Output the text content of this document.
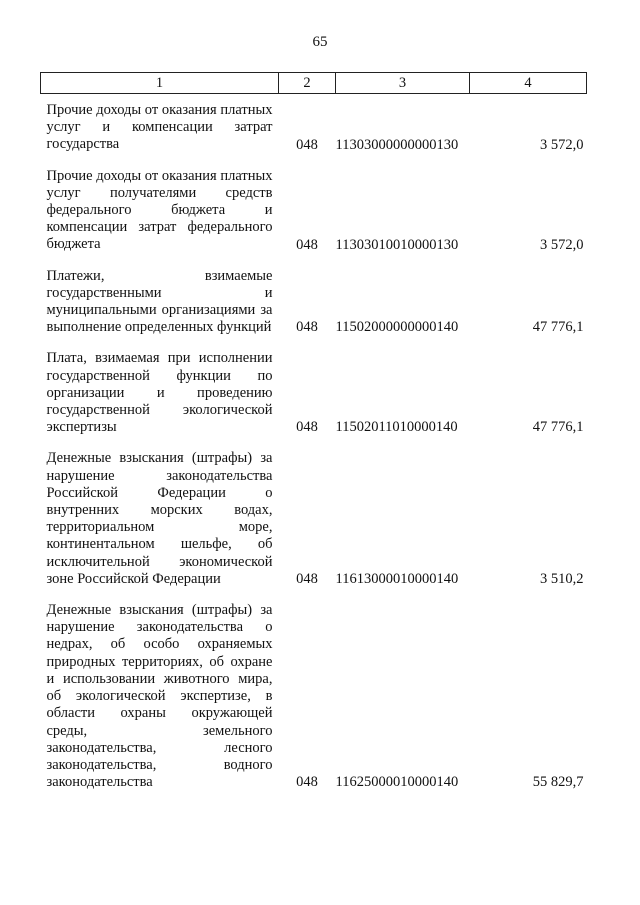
65
1	2	3	4

Прочие доходы от оказания платных услуг и компенсации затрат государства	048	11303000000000130	3 572,0

Прочие доходы от оказания платных услуг получателями средств федерального бюджета и компенсации затрат федерального бюджета	048	11303010010000130	3 572,0

Платежи, взимаемые государственными и муниципальными организациями за выполнение определенных функций	048	11502000000000140	47 776,1

Плата, взимаемая при исполнении государственной функции по организации и проведению государственной экологической экспертизы	048	11502011010000140	47 776,1

Денежные взыскания (штрафы) за нарушение законодательства Российской Федерации о внутренних морских водах, территориальном море, континентальном шельфе, об исключительной экономической зоне Российской Федерации	048	11613000010000140	3 510,2

Денежные взыскания (штрафы) за нарушение законодательства о недрах, об особо охраняемых природных территориях, об охране и использовании животного мира, об экологической экспертизе, в области охраны окружающей среды, земельного законодательства, лесного законодательства, водного законодательства	048	11625000010000140	55 829,7
